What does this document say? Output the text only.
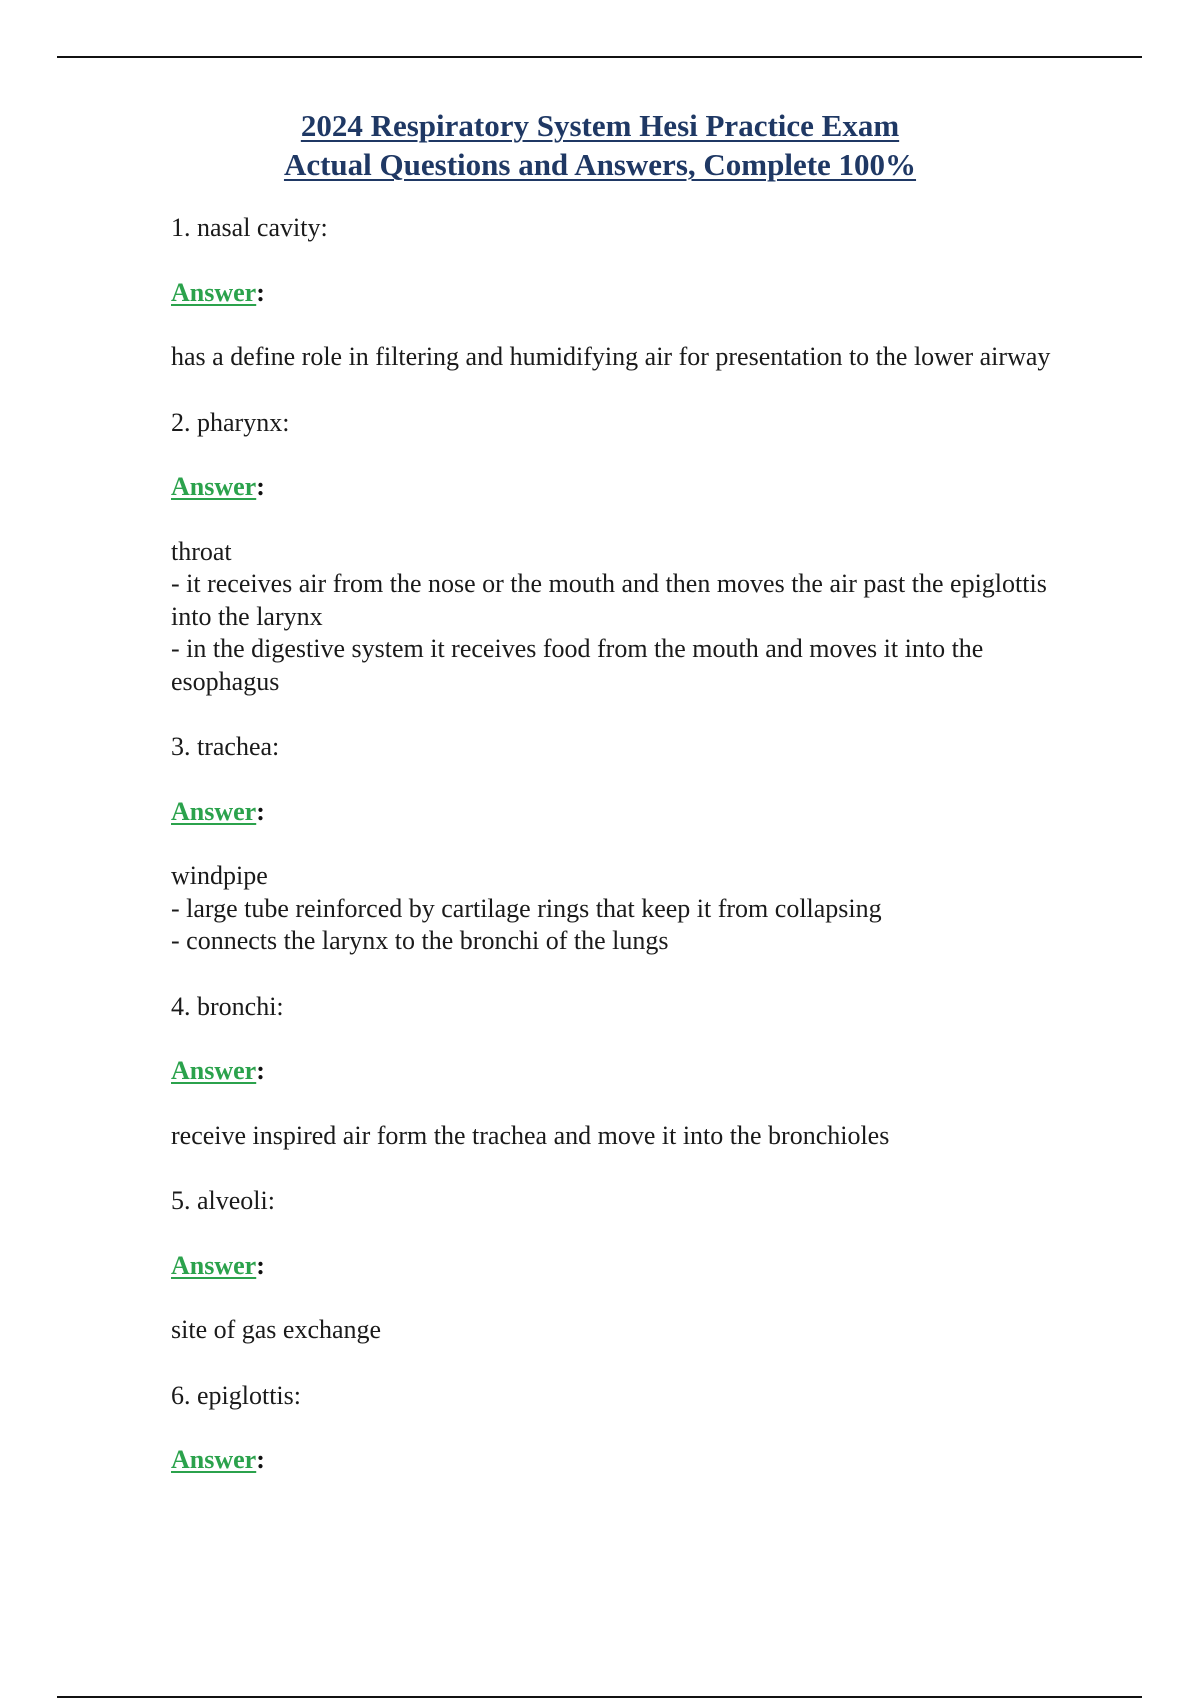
2024 Respiratory System Hesi Practice Exam
Actual Questions and Answers, Complete 100%

1. nasal cavity:

Answer:

has a define role in filtering and humidifying air for presentation to the lower airway

2. pharynx:

Answer:

throat

- it receives air from the nose or the mouth and then moves the air past the epiglottis into the larynx

- in the digestive system it receives food from the mouth and moves it into the esophagus

3. trachea:

Answer:

windpipe

- large tube reinforced by cartilage rings that keep it from collapsing

- connects the larynx to the bronchi of the lungs

4. bronchi:

Answer:

receive inspired air form the trachea and move it into the bronchioles

5. alveoli:

Answer:

site of gas exchange

6. epiglottis:

Answer:
